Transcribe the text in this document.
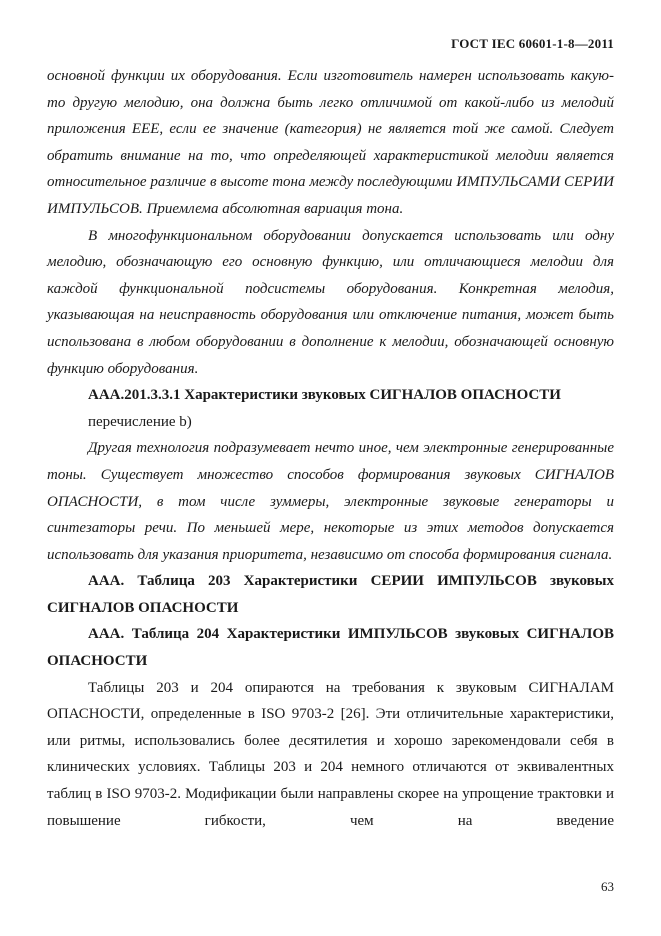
ГОСТ IEC 60601-1-8—2011

основной функции их оборудования. Если изготовитель намерен использовать какую-то другую мелодию, она должна быть легко отличимой от какой-либо из мелодий приложения ЕЕЕ, если ее значение (категория) не является той же самой. Следует обратить внимание на то, что определяющей характеристикой мелодии является относительное различие в высоте тона между последующими ИМПУЛЬСАМИ СЕРИИ ИМПУЛЬСОВ. Приемлема абсолютная вариация тона.

В многофункциональном оборудовании допускается использовать или одну мелодию, обозначающую его основную функцию, или отличающиеся мелодии для каждой функциональной подсистемы оборудования. Конкретная мелодия, указывающая на неисправность оборудования или отключение питания, может быть использована в любом оборудовании в дополнение к мелодии, обозначающей основную функцию оборудования.

ААА.201.3.3.1 Характеристики звуковых СИГНАЛОВ ОПАСНОСТИ

перечисление b)

Другая технология подразумевает нечто иное, чем электронные генерированные тоны. Существует множество способов формирования звуковых СИГНАЛОВ ОПАСНОСТИ, в том числе зуммеры, электронные звуковые генераторы и синтезаторы речи. По меньшей мере, некоторые из этих методов допускается использовать для указания приоритета, независимо от способа формирования сигнала.

ААА. Таблица 203 Характеристики СЕРИИ ИМПУЛЬСОВ звуковых СИГНАЛОВ ОПАСНОСТИ

ААА. Таблица 204 Характеристики ИМПУЛЬСОВ звуковых СИГНАЛОВ ОПАСНОСТИ

Таблицы 203 и 204 опираются на требования к звуковым СИГНАЛАМ ОПАСНОСТИ, определенные в ISO 9703-2 [26]. Эти отличительные характеристики, или ритмы, использовались более десятилетия и хорошо зарекомендовали себя в клинических условиях. Таблицы 203 и 204 немного отличаются от эквивалентных таблиц в ISO 9703-2. Модификации были направлены скорее на упрощение трактовки и повышение гибкости, чем на введение

63
